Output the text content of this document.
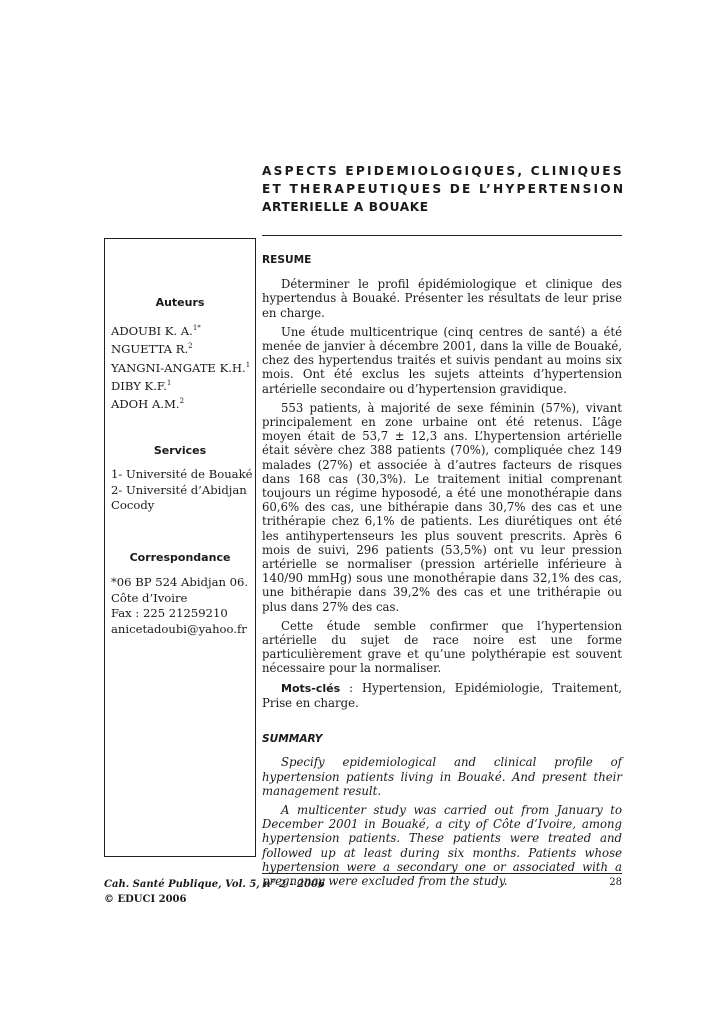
ASPECTS EPIDEMIOLOGIQUES, CLINIQUES
ET THERAPEUTIQUES DE L’HYPERTENSION
ARTERIELLE A BOUAKE
Auteurs
ADOUBI K. A.$^{1*}$
NGUETTA R.$^2$
YANGNI-ANGATE K.H.$^1$
DIBY K.F.$^1$
ADOH A.M.$^2$
Services
1- Université de Bouaké
2- Université d’Abidjan
Cocody
Correspondance
*06 BP 524 Abidjan 06.
Côte d’Ivoire
Fax : 225 21259210
anicetadoubi@yahoo.fr
RESUME

Déterminer le profil épidémiologique et clinique des hypertendus à Bouaké. Présenter les résultats de leur prise en charge.

Une étude multicentrique (cinq centres de santé) a été menée de janvier à décembre 2001, dans la ville de Bouaké, chez des hypertendus traités et suivis pendant au moins six mois. Ont été exclus les sujets atteints d’hypertension artérielle secondaire ou d’hypertension gravidique.

553 patients, à majorité de sexe féminin (57%), vivant principalement en zone urbaine ont été retenus. L’âge moyen était de 53,7 ± 12,3 ans. L’hypertension artérielle était sévère chez 388 patients (70%), compliquée chez 149 malades (27%) et associée à d’autres facteurs de risques dans 168 cas (30,3%). Le traitement initial comprenant toujours un régime hyposodé, a été une monothérapie dans 60,6% des cas, une bithérapie dans 30,7% des cas et une trithérapie chez 6,1% de patients. Les diurétiques ont été les antihypertenseurs les plus souvent prescrits. Après 6 mois de suivi, 296 patients (53,5%) ont vu leur pression artérielle se normaliser (pression artérielle inférieure à 140/90 mmHg) sous une monothérapie dans 32,1% des cas, une bithérapie dans 39,2% des cas et une trithérapie ou plus dans 27% des cas.

Cette étude semble confirmer que l’hypertension artérielle du sujet de race noire est une forme particulièrement grave et qu’une polythérapie est souvent nécessaire pour la normaliser.

Mots-clés : Hypertension, Epidémiologie, Traitement, Prise en charge.

SUMMARY

Specify epidemiological and clinical profile of hypertension patients living in Bouaké. And present their management result.

A multicenter study was carried out from January to December 2001 in Bouaké, a city of Côte d’Ivoire, among hypertension patients. These patients were treated and followed up at least during six months. Patients whose hypertension were a secondary one or associated with a pregnancy were excluded from the study.

Cah. Santé Publique, Vol. 5, n° 2 - 2006
© EDUCI 2006
28
